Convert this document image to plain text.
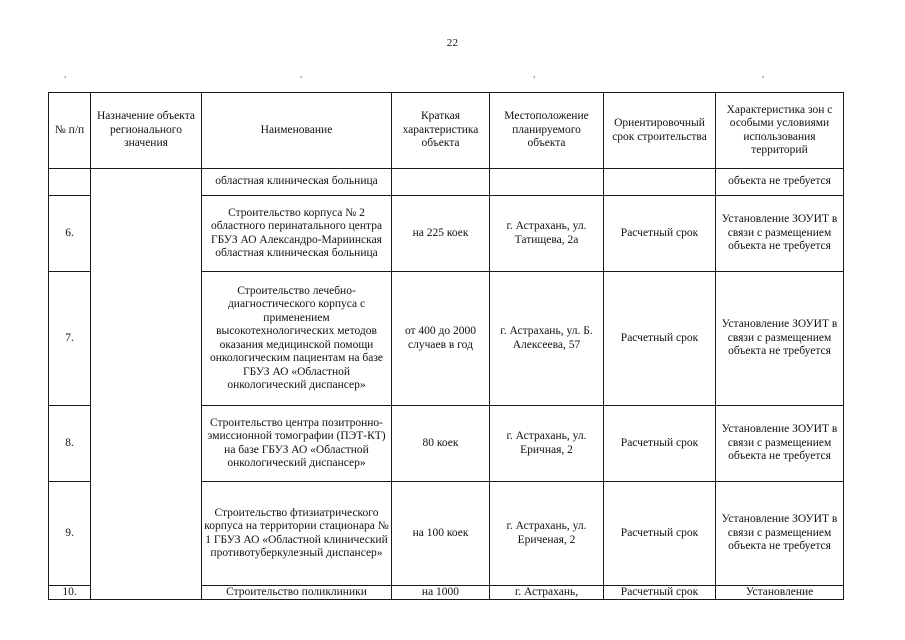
22
,	,	,	,
№ п/п	Назначение объекта регионального значения	Наименование	Краткая характеристика объекта	Местоположение планируемого объекта	Ориентировочный срок строительства	Характеристика зон с особыми условиями использования территорий
		областная клиническая больница				объекта не требуется
6.		Строительство корпуса № 2 областного перинатального центра ГБУЗ АО Александро-Мариинская областная клиническая больница	на 225 коек	г. Астрахань, ул. Татищева, 2а	Расчетный срок	Установление ЗОУИТ в связи с размещением объекта не требуется
7.		Строительство лечебно-диагностического корпуса с применением высокотехнологических методов оказания медицинской помощи онкологическим пациентам на базе ГБУЗ АО «Областной онкологический диспансер»	от 400 до 2000 случаев в год	г. Астрахань, ул. Б. Алексеева, 57	Расчетный срок	Установление ЗОУИТ в связи с размещением объекта не требуется
8.		Строительство центра позитронно-эмиссионной томографии (ПЭТ-КТ) на базе ГБУЗ АО «Областной онкологический диспансер»	80 коек	г. Астрахань, ул. Еричная, 2	Расчетный срок	Установление ЗОУИТ в связи с размещением объекта не требуется
9.		Строительство фтизиатрического корпуса на территории стационара № 1 ГБУЗ АО «Областной клинический противотуберкулезный диспансер»	на 100 коек	г. Астрахань, ул. Ериченая, 2	Расчетный срок	Установление ЗОУИТ в связи с размещением объекта не требуется
10.		Строительство поликлиники	на 1000	г. Астрахань,	Расчетный срок	Установление
